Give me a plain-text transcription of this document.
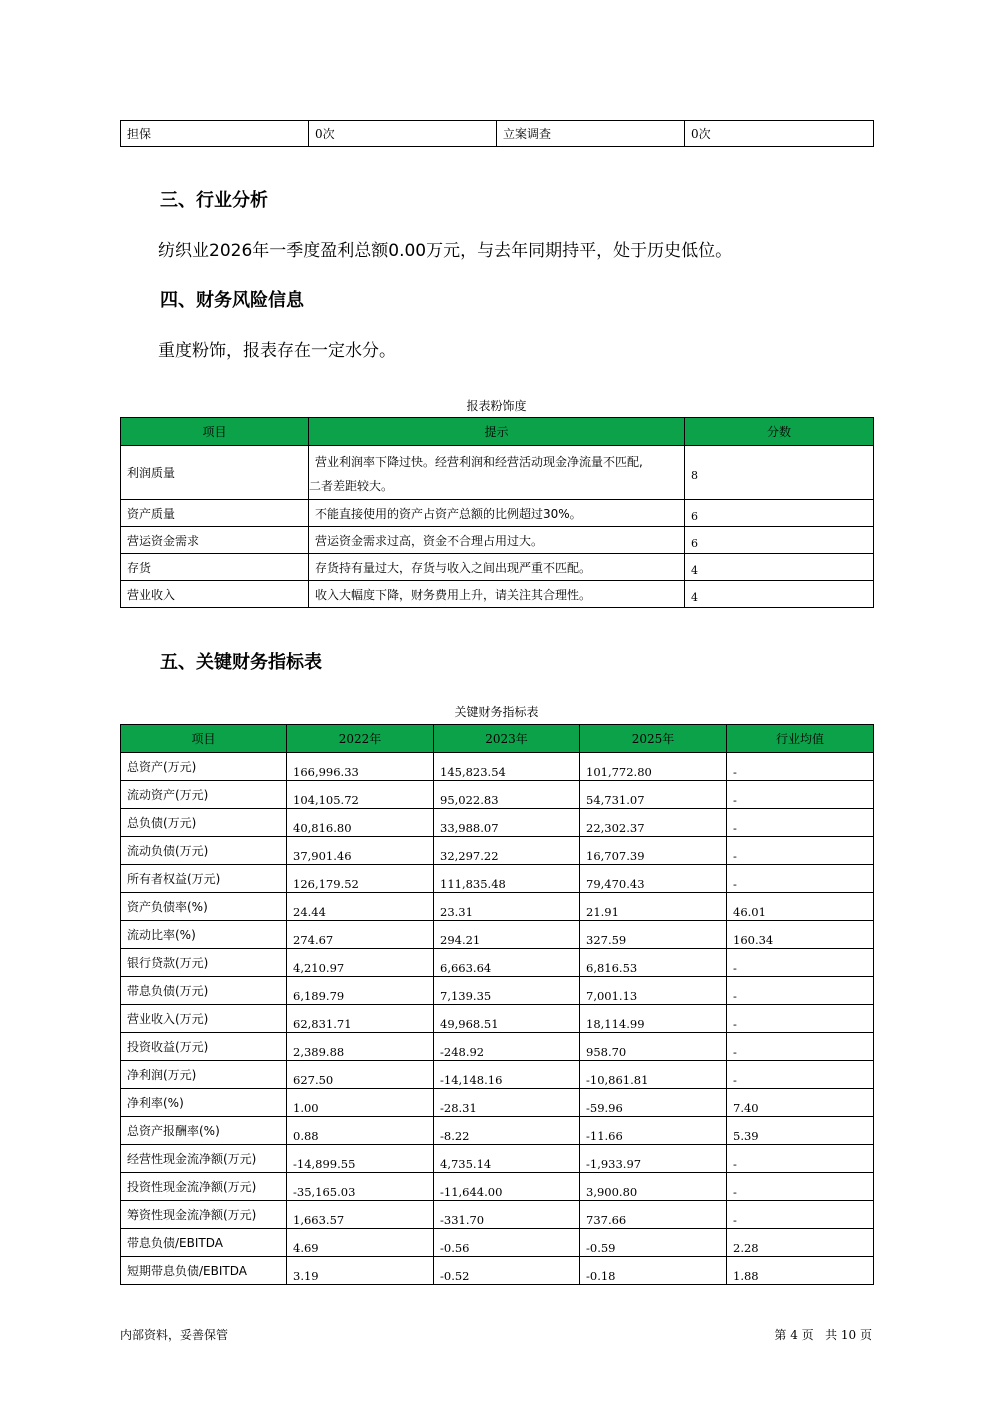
担保	0次	立案调查	0次
三、行业分析

纺织业2026年一季度盈利总额0.00万元，与去年同期持平，处于历史低位。

四、财务风险信息

重度粉饰，报表存在一定水分。

报表粉饰度
项目	提示	分数
利润质量	营业利润率下降过快。经营利润和经营活动现金净流量不匹配,
二者差距较大。	8
资产质量	不能直接使用的资产占资产总额的比例超过30%。	6
营运资金需求	营运资金需求过高，资金不合理占用过大。	6
存货	存货持有量过大，存货与收入之间出现严重不匹配。	4
营业收入	收入大幅度下降，财务费用上升，请关注其合理性。	4
五、关键财务指标表
关键财务指标表
项目	2022年	2023年	2025年	行业均值
总资产(万元)	166,996.33	145,823.54	101,772.80	-
流动资产(万元)	104,105.72	95,022.83	54,731.07	-
总负债(万元)	40,816.80	33,988.07	22,302.37	-
流动负债(万元)	37,901.46	32,297.22	16,707.39	-
所有者权益(万元)	126,179.52	111,835.48	79,470.43	-
资产负债率(%)	24.44	23.31	21.91	46.01
流动比率(%)	274.67	294.21	327.59	160.34
银行贷款(万元)	4,210.97	6,663.64	6,816.53	-
带息负债(万元)	6,189.79	7,139.35	7,001.13	-
营业收入(万元)	62,831.71	49,968.51	18,114.99	-
投资收益(万元)	2,389.88	-248.92	958.70	-
净利润(万元)	627.50	-14,148.16	-10,861.81	-
净利率(%)	1.00	-28.31	-59.96	7.40
总资产报酬率(%)	0.88	-8.22	-11.66	5.39
经营性现金流净额(万元)	-14,899.55	4,735.14	-1,933.97	-
投资性现金流净额(万元)	-35,165.03	-11,644.00	3,900.80	-
筹资性现金流净额(万元)	1,663.57	-331.70	737.66	-
带息负债/EBITDA	4.69	-0.56	-0.59	2.28
短期带息负债/EBITDA	3.19	-0.52	-0.18	1.88
内部资料，妥善保管	第 4 页   共 10 页
